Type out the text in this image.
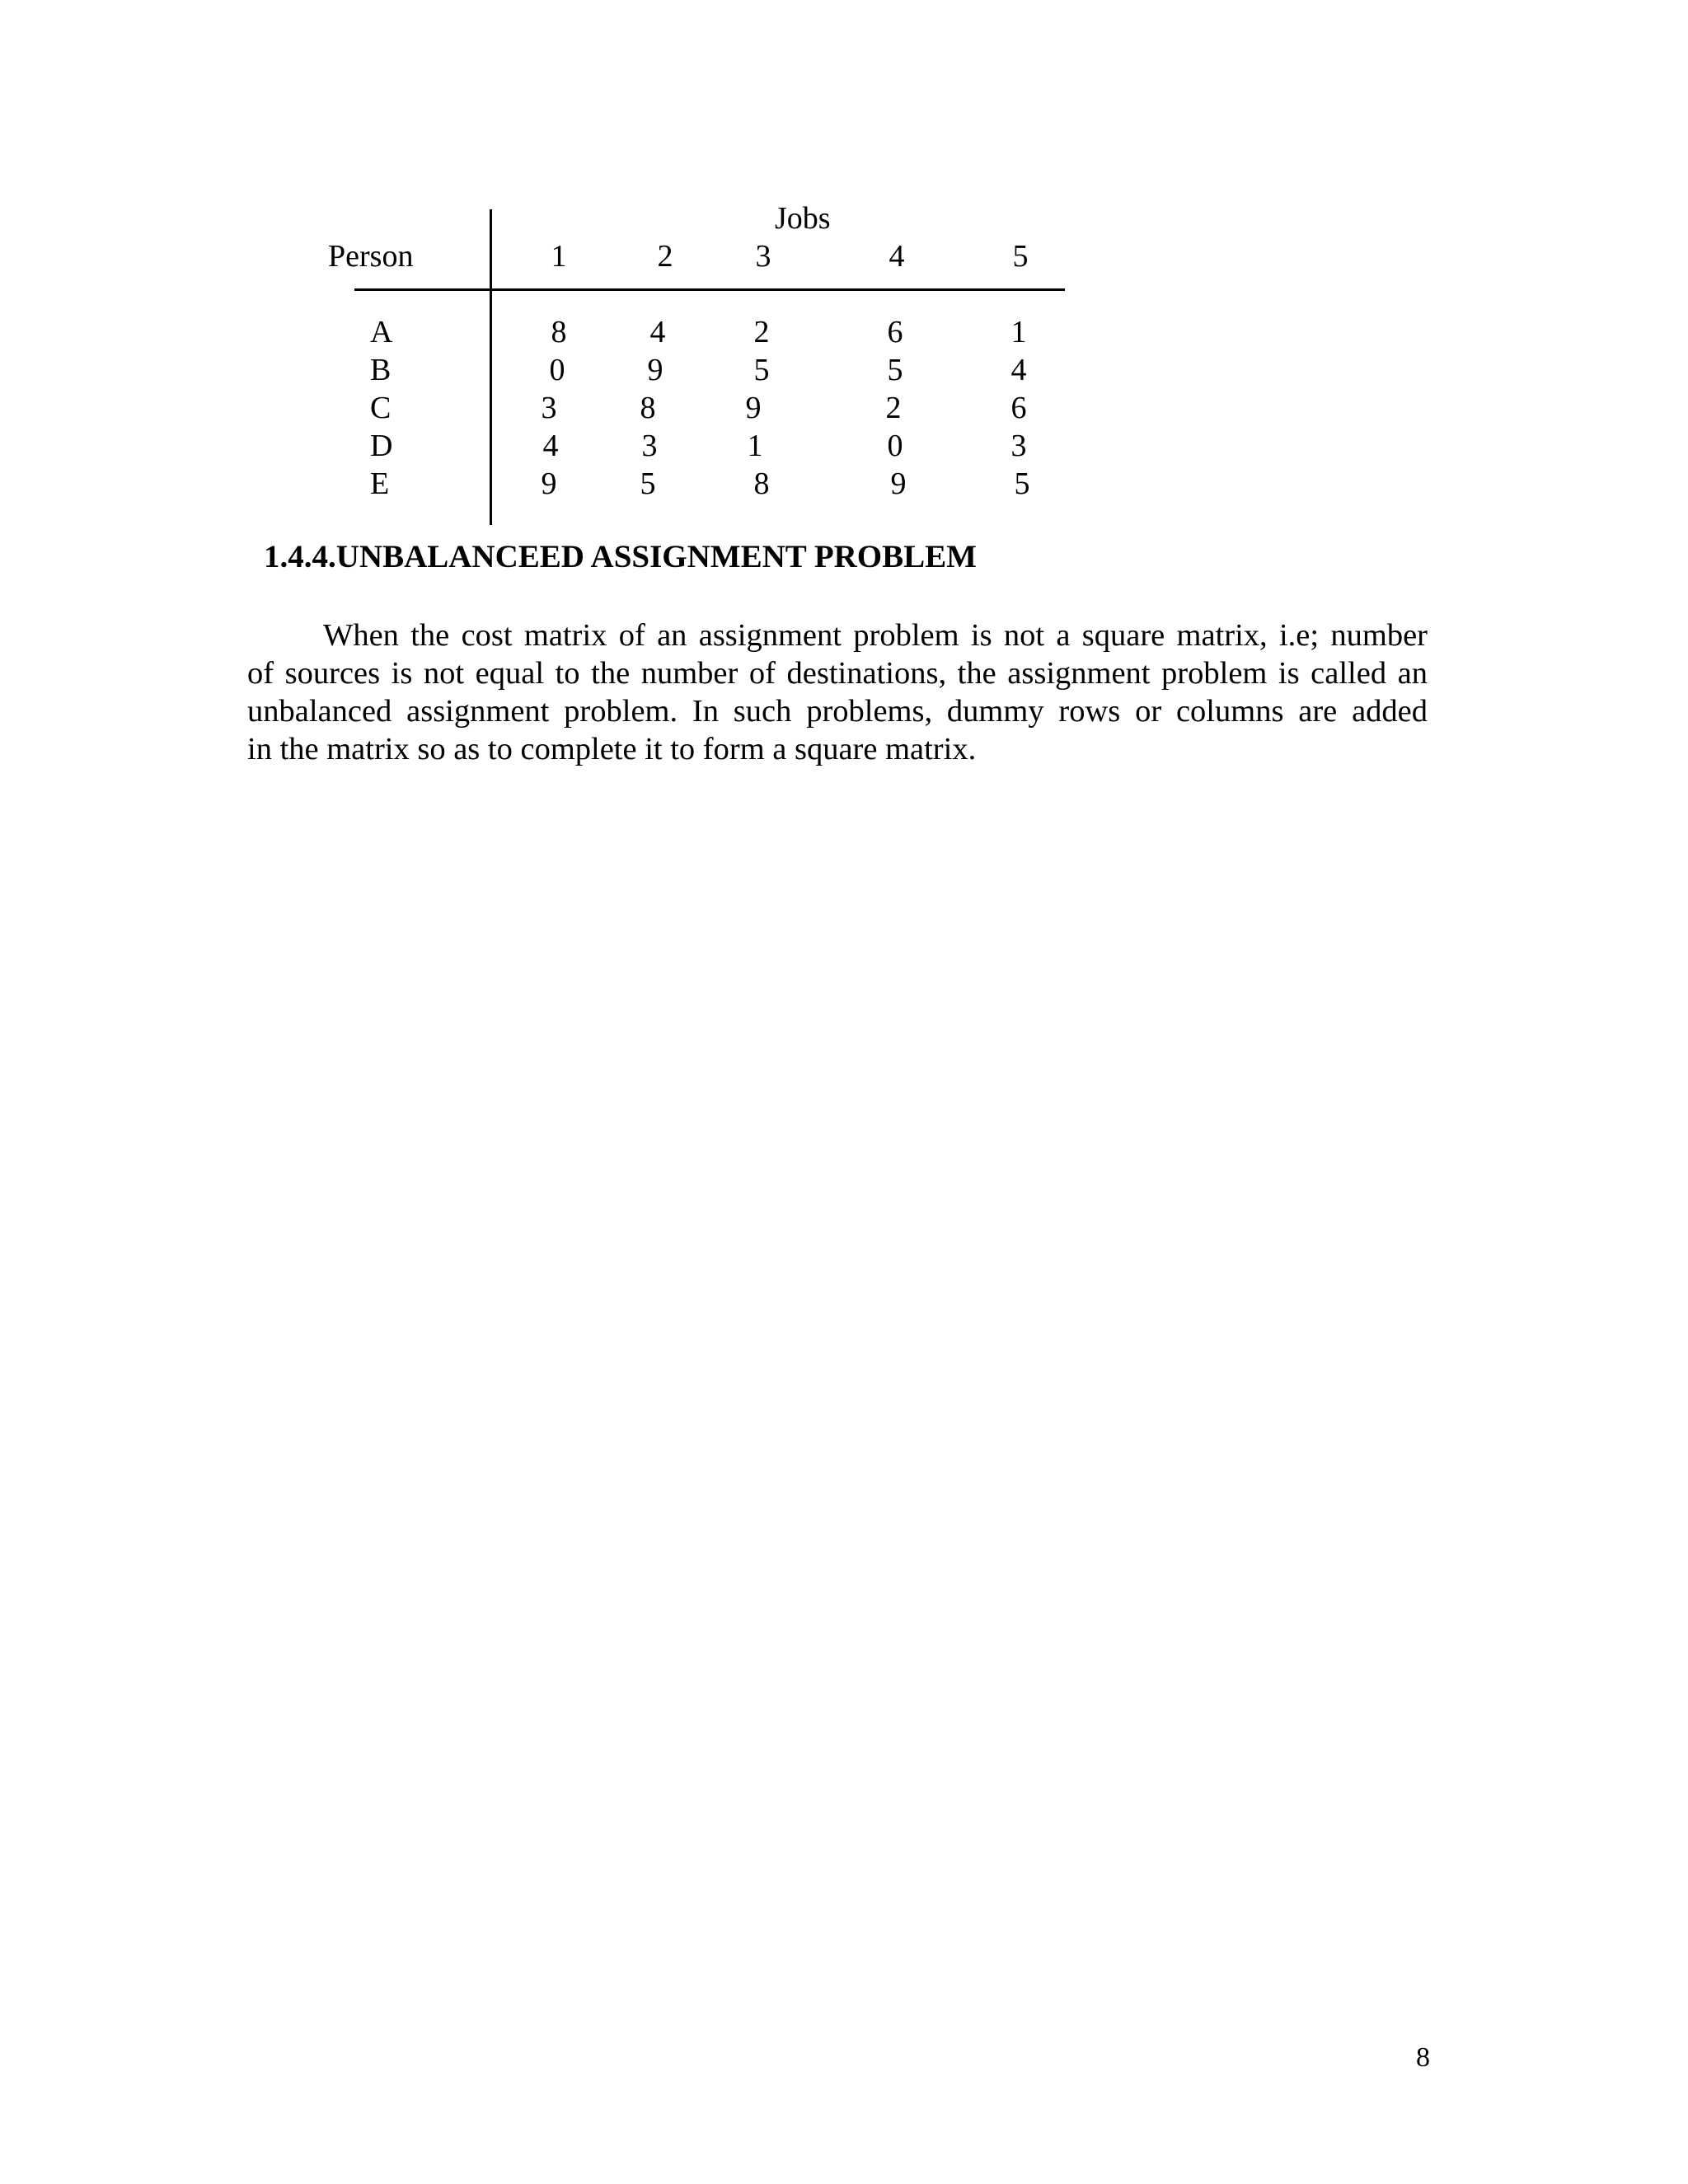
Jobs
Person	1	2	3	4	5
A	8	4	2	6	1
B	0	9	5	5	4
C	3	8	9	2	6
D	4	3	1	0	3
E	9	5	8	9	5
1.4.4.UNBALANCEED ASSIGNMENT PROBLEM
When the cost matrix of an assignment problem is not a square matrix, i.e; number
of sources is not equal to the number of destinations, the assignment problem is called an
unbalanced assignment problem. In such problems, dummy rows or columns are added
in the matrix so as to complete it to form a square matrix.
8
